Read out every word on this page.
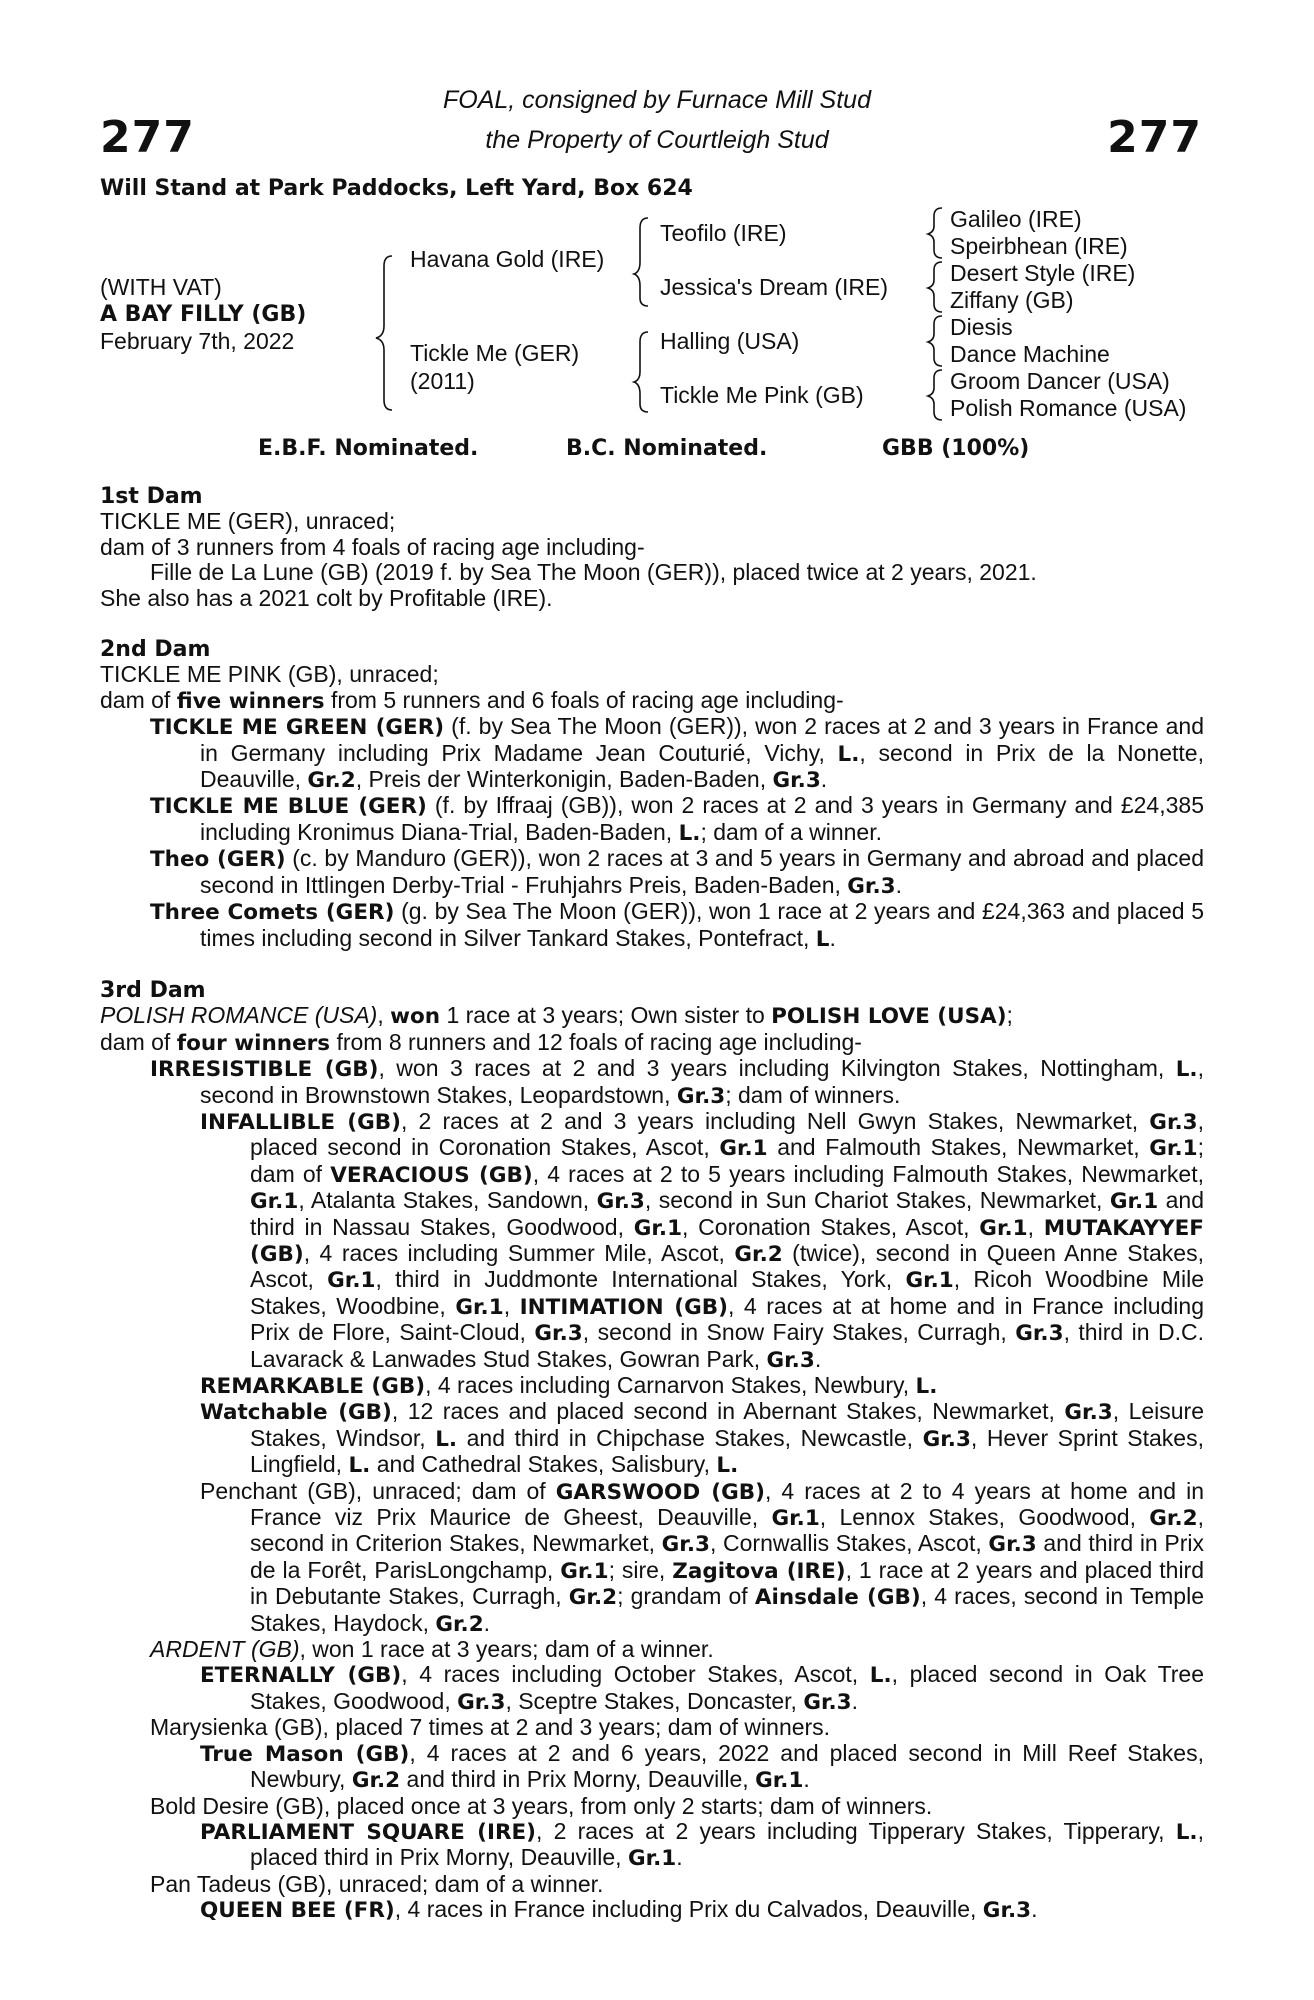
277	277
FOAL, consigned by Furnace Mill Stud
the Property of Courtleigh Stud
Will Stand at Park Paddocks, Left Yard, Box 624
(WITH VAT)
A BAY FILLY (GB)
February 7th, 2022
Havana Gold (IRE)
Tickle Me (GER)
(2011)
Teofilo (IRE)
Jessica's Dream (IRE)
Halling (USA)
Tickle Me Pink (GB)
Galileo (IRE)
Speirbhean (IRE)
Desert Style (IRE)
Ziffany (GB)
Diesis
Dance Machine
Groom Dancer (USA)
Polish Romance (USA)
E.B.F. Nominated.	B.C. Nominated.	GBB (100%)

1st Dam

TICKLE ME (GER), unraced;

dam of 3 runners from 4 foals of racing age including-

Fille de La Lune (GB) (2019 f. by Sea The Moon (GER)), placed twice at 2 years, 2021.

She also has a 2021 colt by Profitable (IRE).

2nd Dam

TICKLE ME PINK (GB), unraced;

dam of five winners from 5 runners and 6 foals of racing age including-

TICKLE ME GREEN (GER) (f. by Sea The Moon (GER)), won 2 races at 2 and 3 years in France and in Germany including Prix Madame Jean Couturié, Vichy, L., second in Prix de la Nonette, Deauville, Gr.2, Preis der Winterkonigin, Baden-Baden, Gr.3.

TICKLE ME BLUE (GER) (f. by Iffraaj (GB)), won 2 races at 2 and 3 years in Germany and £24,385 including Kronimus Diana-Trial, Baden-Baden, L.; dam of a winner.

Theo (GER) (c. by Manduro (GER)), won 2 races at 3 and 5 years in Germany and abroad and placed second in Ittlingen Derby-Trial - Fruhjahrs Preis, Baden-Baden, Gr.3.

Three Comets (GER) (g. by Sea The Moon (GER)), won 1 race at 2 years and £24,363 and placed 5 times including second in Silver Tankard Stakes, Pontefract, L.

3rd Dam

POLISH ROMANCE (USA), won 1 race at 3 years; Own sister to POLISH LOVE (USA);

dam of four winners from 8 runners and 12 foals of racing age including-

IRRESISTIBLE (GB), won 3 races at 2 and 3 years including Kilvington Stakes, Nottingham, L., second in Brownstown Stakes, Leopardstown, Gr.3; dam of winners.

INFALLIBLE (GB), 2 races at 2 and 3 years including Nell Gwyn Stakes, Newmarket, Gr.3, placed second in Coronation Stakes, Ascot, Gr.1 and Falmouth Stakes, Newmarket, Gr.1; dam of VERACIOUS (GB), 4 races at 2 to 5 years including Falmouth Stakes, Newmarket, Gr.1, Atalanta Stakes, Sandown, Gr.3, second in Sun Chariot Stakes, Newmarket, Gr.1 and third in Nassau Stakes, Goodwood, Gr.1, Coronation Stakes, Ascot, Gr.1, MUTAKAYYEF (GB), 4 races including Summer Mile, Ascot, Gr.2 (twice), second in Queen Anne Stakes, Ascot, Gr.1, third in Juddmonte International Stakes, York, Gr.1, Ricoh Woodbine Mile Stakes, Woodbine, Gr.1, INTIMATION (GB), 4 races at at home and in France including Prix de Flore, Saint-Cloud, Gr.3, second in Snow Fairy Stakes, Curragh, Gr.3, third in D.C. Lavarack & Lanwades Stud Stakes, Gowran Park, Gr.3.

REMARKABLE (GB), 4 races including Carnarvon Stakes, Newbury, L.

Watchable (GB), 12 races and placed second in Abernant Stakes, Newmarket, Gr.3, Leisure Stakes, Windsor, L. and third in Chipchase Stakes, Newcastle, Gr.3, Hever Sprint Stakes, Lingfield, L. and Cathedral Stakes, Salisbury, L.

Penchant (GB), unraced; dam of GARSWOOD (GB), 4 races at 2 to 4 years at home and in France viz Prix Maurice de Gheest, Deauville, Gr.1, Lennox Stakes, Goodwood, Gr.2, second in Criterion Stakes, Newmarket, Gr.3, Cornwallis Stakes, Ascot, Gr.3 and third in Prix de la Forêt, ParisLongchamp, Gr.1; sire, Zagitova (IRE), 1 race at 2 years and placed third in Debutante Stakes, Curragh, Gr.2; grandam of Ainsdale (GB), 4 races, second in Temple Stakes, Haydock, Gr.2.

ARDENT (GB), won 1 race at 3 years; dam of a winner.

ETERNALLY (GB), 4 races including October Stakes, Ascot, L., placed second in Oak Tree Stakes, Goodwood, Gr.3, Sceptre Stakes, Doncaster, Gr.3.

Marysienka (GB), placed 7 times at 2 and 3 years; dam of winners.

True Mason (GB), 4 races at 2 and 6 years, 2022 and placed second in Mill Reef Stakes, Newbury, Gr.2 and third in Prix Morny, Deauville, Gr.1.

Bold Desire (GB), placed once at 3 years, from only 2 starts; dam of winners.

PARLIAMENT SQUARE (IRE), 2 races at 2 years including Tipperary Stakes, Tipperary, L., placed third in Prix Morny, Deauville, Gr.1.

Pan Tadeus (GB), unraced; dam of a winner.

QUEEN BEE (FR), 4 races in France including Prix du Calvados, Deauville, Gr.3.
